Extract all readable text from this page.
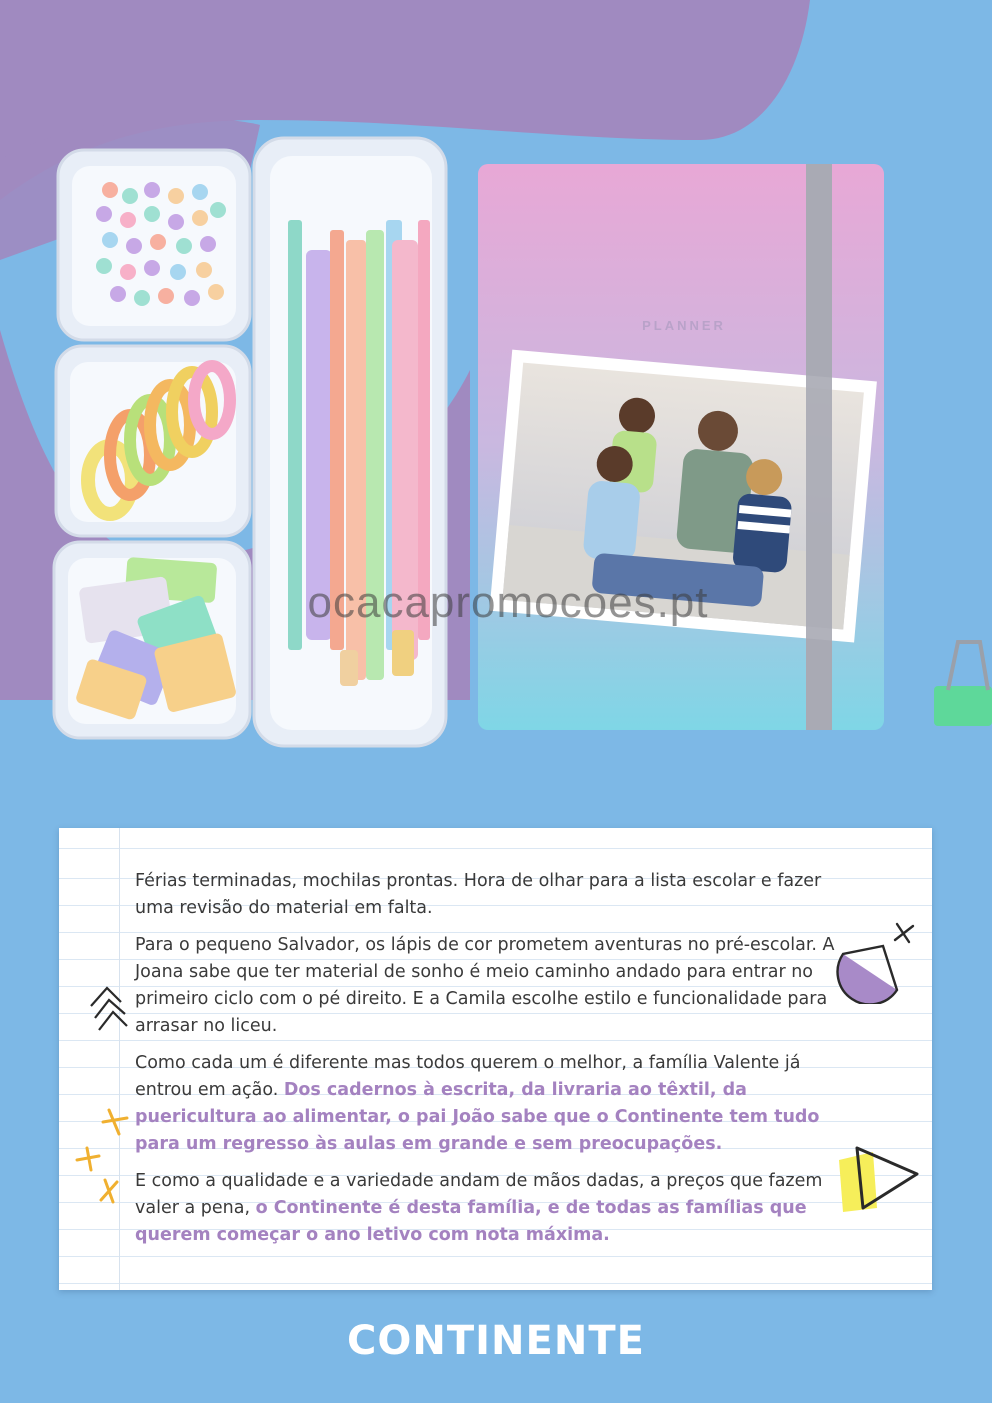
PLANNER
ocacapromocoes.pt

Férias terminadas, mochilas prontas. Hora de olhar para a lista escolar e fazer uma revisão do material em falta.

Para o pequeno Salvador, os lápis de cor prometem aventuras no pré-escolar. A Joana sabe que ter material de sonho é meio caminho andado para entrar no primeiro ciclo com o pé direito. E a Camila escolhe estilo e funcionalidade para arrasar no liceu.

Como cada um é diferente mas todos querem o melhor, a família Valente já entrou em ação. Dos cadernos à escrita, da livraria ao têxtil, da puericultura ao alimentar, o pai João sabe que o Continente tem tudo para um regresso às aulas em grande e sem preocupações.

E como a qualidade e a variedade andam de mãos dadas, a preços que fazem valer a pena, o Continente é desta família, e de todas as famílias que querem começar o ano letivo com nota máxima.

CONTINENTE
